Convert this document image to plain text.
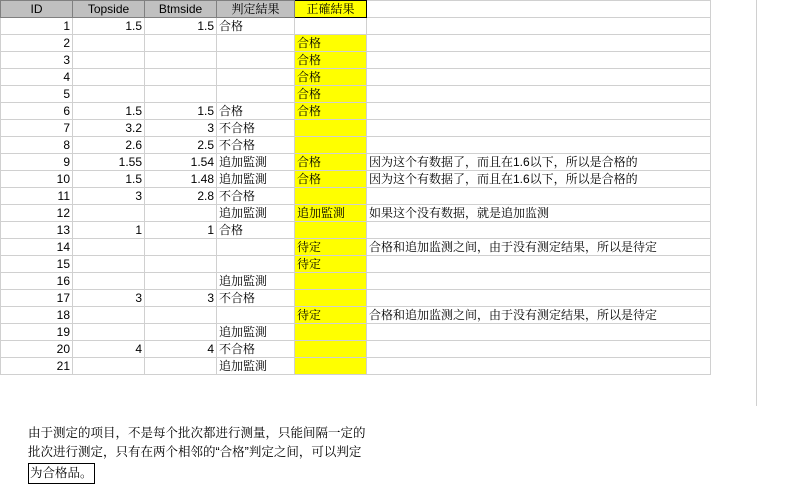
ID	Topside	Btmside	判定結果	正確結果	
1	1.5	1.5	合格		
2				合格	
3				合格	
4				合格	
5				合格	
6	1.5	1.5	合格	合格	
7	3.2	3	不合格		
8	2.6	2.5	不合格		
9	1.55	1.54	追加監測	合格	因为这个有数据了，而且在1.6以下，所以是合格的
10	1.5	1.48	追加監測	合格	因为这个有数据了，而且在1.6以下，所以是合格的
11	3	2.8	不合格		
12			追加監測	追加監測	如果这个没有数据，就是追加监测
13	1	1	合格		
14				待定	合格和追加监测之间，由于没有测定结果，所以是待定
15				待定	
16			追加監測		
17	3	3	不合格		
18				待定	合格和追加监测之间，由于没有测定结果，所以是待定
19			追加監測		
20	4	4	不合格		
21			追加監測		
由于测定的项目，不是每个批次都进行测量，只能间隔一定的
批次进行测定，只有在两个相邻的“合格”判定之间，可以判定
为合格品。
